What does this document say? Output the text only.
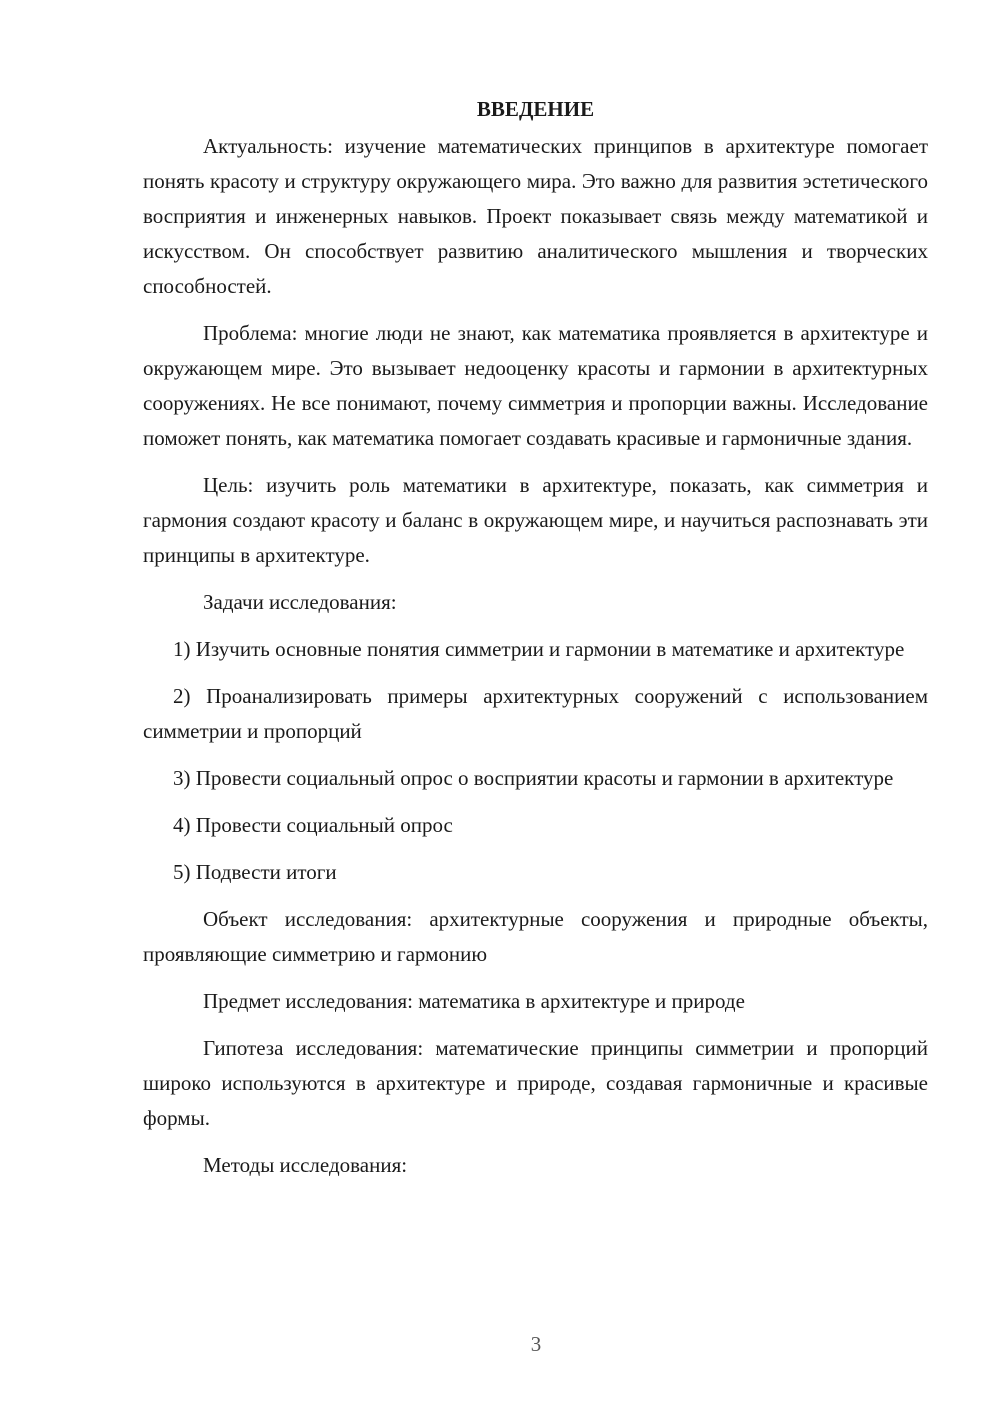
ВВЕДЕНИЕ

Актуальность: изучение математических принципов в архитектуре помогает понять красоту и структуру окружающего мира. Это важно для развития эстетического восприятия и инженерных навыков. Проект показывает связь между математикой и искусством. Он способствует развитию аналитического мышления и творческих способностей.

Проблема: многие люди не знают, как математика проявляется в архитектуре и окружающем мире. Это вызывает недооценку красоты и гармонии в архитектурных сооружениях. Не все понимают, почему симметрия и пропорции важны. Исследование поможет понять, как математика помогает создавать красивые и гармоничные здания.

Цель: изучить роль математики в архитектуре, показать, как симметрия и гармония создают красоту и баланс в окружающем мире, и научиться распознавать эти принципы в архитектуре.

Задачи исследования:

1) Изучить основные понятия симметрии и гармонии в математике и архитектуре

2) Проанализировать примеры архитектурных сооружений с использованием симметрии и пропорций

3) Провести социальный опрос о восприятии красоты и гармонии в архитектуре

4) Провести социальный опрос

5) Подвести итоги

Объект исследования: архитектурные сооружения и природные объекты, проявляющие симметрию и гармонию

Предмет исследования: математика в архитектуре и природе

Гипотеза исследования: математические принципы симметрии и пропорций широко используются в архитектуре и природе, создавая гармоничные и красивые формы.

Методы исследования:

3
